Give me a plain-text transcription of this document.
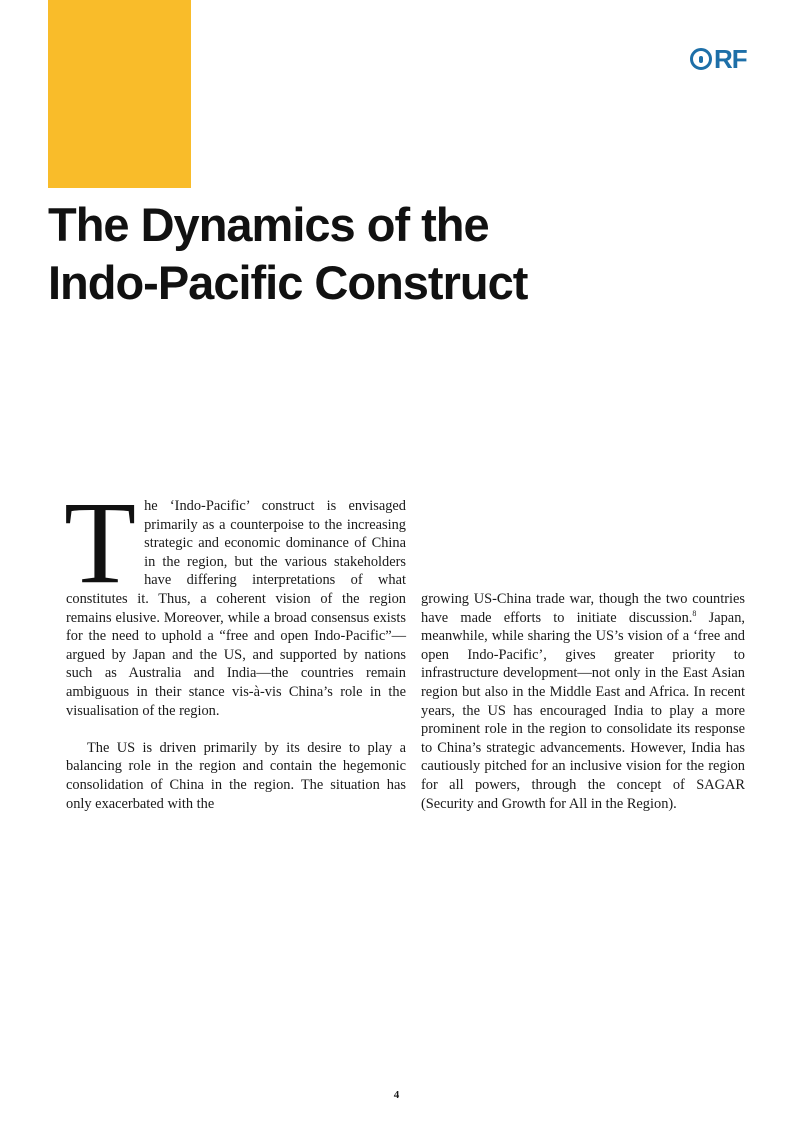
RF
The Dynamics of the
Indo-Pacific Construct

The ‘Indo-Pacific’ construct is envisaged primarily as a counterpoise to the increasing strategic and economic dominance of China in the region, but the various stakeholders have differing interpretations of what constitutes it. Thus, a coherent vision of the region remains elusive. Moreover, while a broad consensus exists for the need to uphold a “free and open Indo-Pacific”—argued by Japan and the US, and supported by nations such as Australia and India—the countries remain ambiguous in their stance vis-à-vis China’s role in the visualisation of the region.

The US is driven primarily by its desire to play a balancing role in the region and contain the hegemonic consolidation of China in the region. The situation has only exacerbated with the

growing US-China trade war, though the two countries have made efforts to initiate discussion.$^8$ Japan, meanwhile, while sharing the US’s vision of a ‘free and open Indo-Pacific’, gives greater priority to infrastructure development—not only in the East Asian region but also in the Middle East and Africa. In recent years, the US has encouraged India to play a more prominent role in the region to consolidate its response to China’s strategic advancements. However, India has cautiously pitched for an inclusive vision for the region for all powers, through the concept of SAGAR (Security and Growth for All in the Region).

4
